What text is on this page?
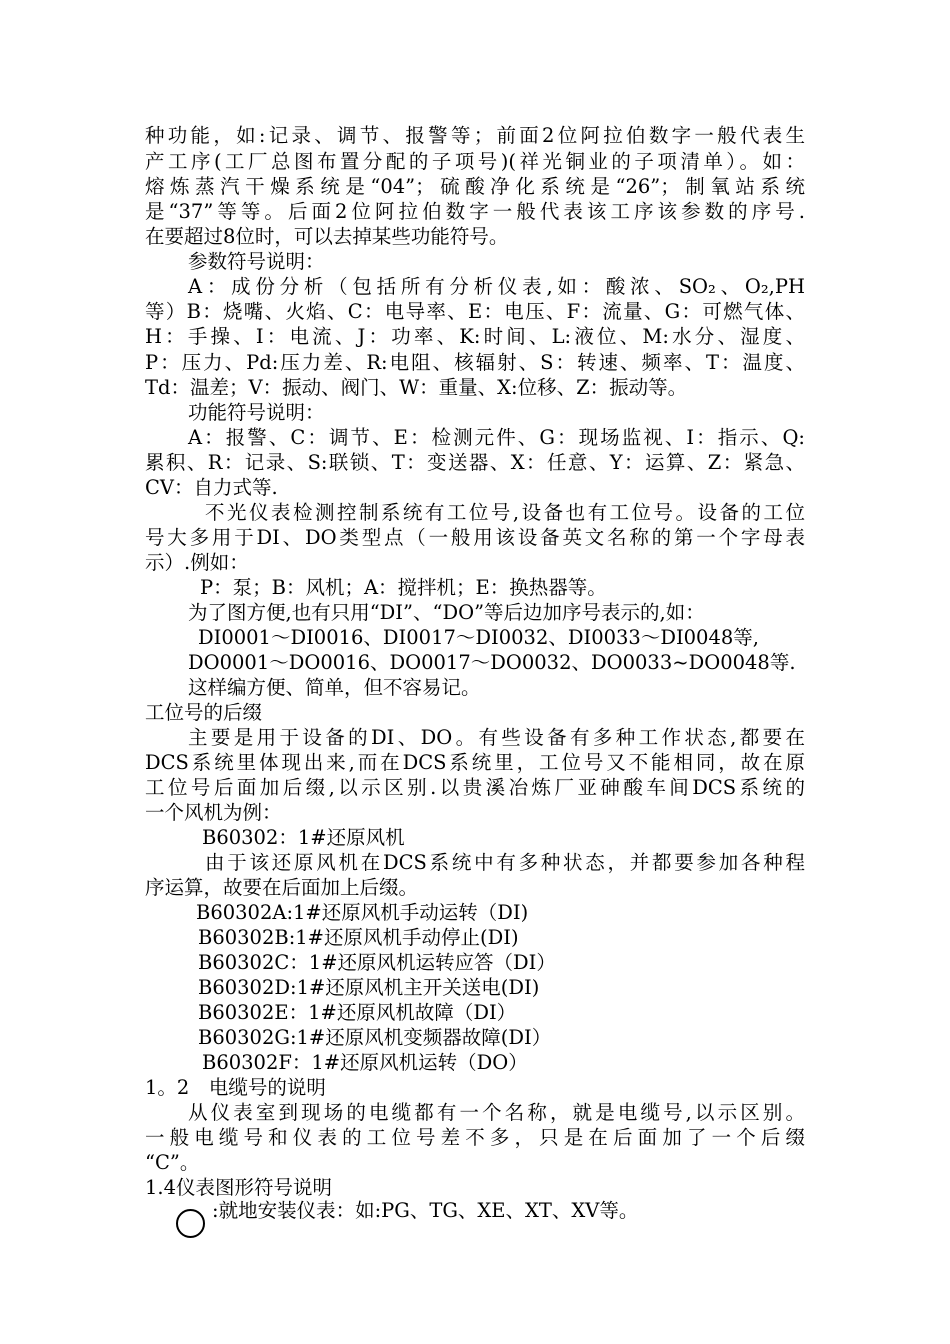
种功能，如:记录、调节、报警等；前面2位阿拉伯数字一般代表生
产工序(工厂总图布置分配的子项号)(祥光铜业的子项清单）。如：
熔炼蒸汽干燥系统是“04”；硫酸净化系统是“26”；制氧站系统
是“37”等等。后面2位阿拉伯数字一般代表该工序该参数的序号.
在要超过8位时，可以去掉某些功能符号。
参数符号说明：
A：成份分析（包括所有分析仪表,如：酸浓、SO₂、O₂,PH
等）B：烧嘴、火焰、C：电导率、E：电压、F：流量、G：可燃气体、
H：手操、I：电流、J：功率、K:时间、L:液位、M:水分、湿度、
P：压力、Pd:压力差、R:电阻、核辐射、S：转速、频率、T：温度、
Td：温差；V：振动、阀门、W：重量、X:位移、Z：振动等。
功能符号说明：
A：报警、C：调节、E：检测元件、G：现场监视、I：指示、Q:
累积、R：记录、S:联锁、T：变送器、X：任意、Y：运算、Z：紧急、
CV：自力式等.
不光仪表检测控制系统有工位号,设备也有工位号。设备的工位
号大多用于DI、DO类型点（一般用该设备英文名称的第一个字母表
示）.例如：
P：泵；B：风机；A：搅拌机；E：换热器等。
为了图方便,也有只用“DI”、“DO”等后边加序号表示的,如：
DI0001～DI0016、DI0017～DI0032、DI0033～DI0048等,
DO0001～DO0016、DO0017～DO0032、DO0033~DO0048等.
这样编方便、简单，但不容易记。
工位号的后缀
主要是用于设备的DI、DO。有些设备有多种工作状态,都要在
DCS系统里体现出来,而在DCS系统里，工位号又不能相同，故在原
工位号后面加后缀,以示区别.以贵溪冶炼厂亚砷酸车间DCS系统的
一个风机为例：
B60302：1#还原风机
由于该还原风机在DCS系统中有多种状态，并都要参加各种程
序运算，故要在后面加上后缀。
B60302A:1#还原风机手动运转（DI)
B60302B:1#还原风机手动停止(DI)
B60302C：1#还原风机运转应答（DI）
B60302D:1#还原风机主开关送电(DI)
B60302E：1#还原风机故障（DI）
B60302G:1#还原风机变频器故障(DI）
B60302F：1#还原风机运转（DO）
1。2　电缆号的说明
从仪表室到现场的电缆都有一个名称，就是电缆号,以示区别。
一般电缆号和仪表的工位号差不多，只是在后面加了一个后缀
“C”。
1.4仪表图形符号说明
:就地安装仪表：如:PG、TG、XE、XT、XV等。
